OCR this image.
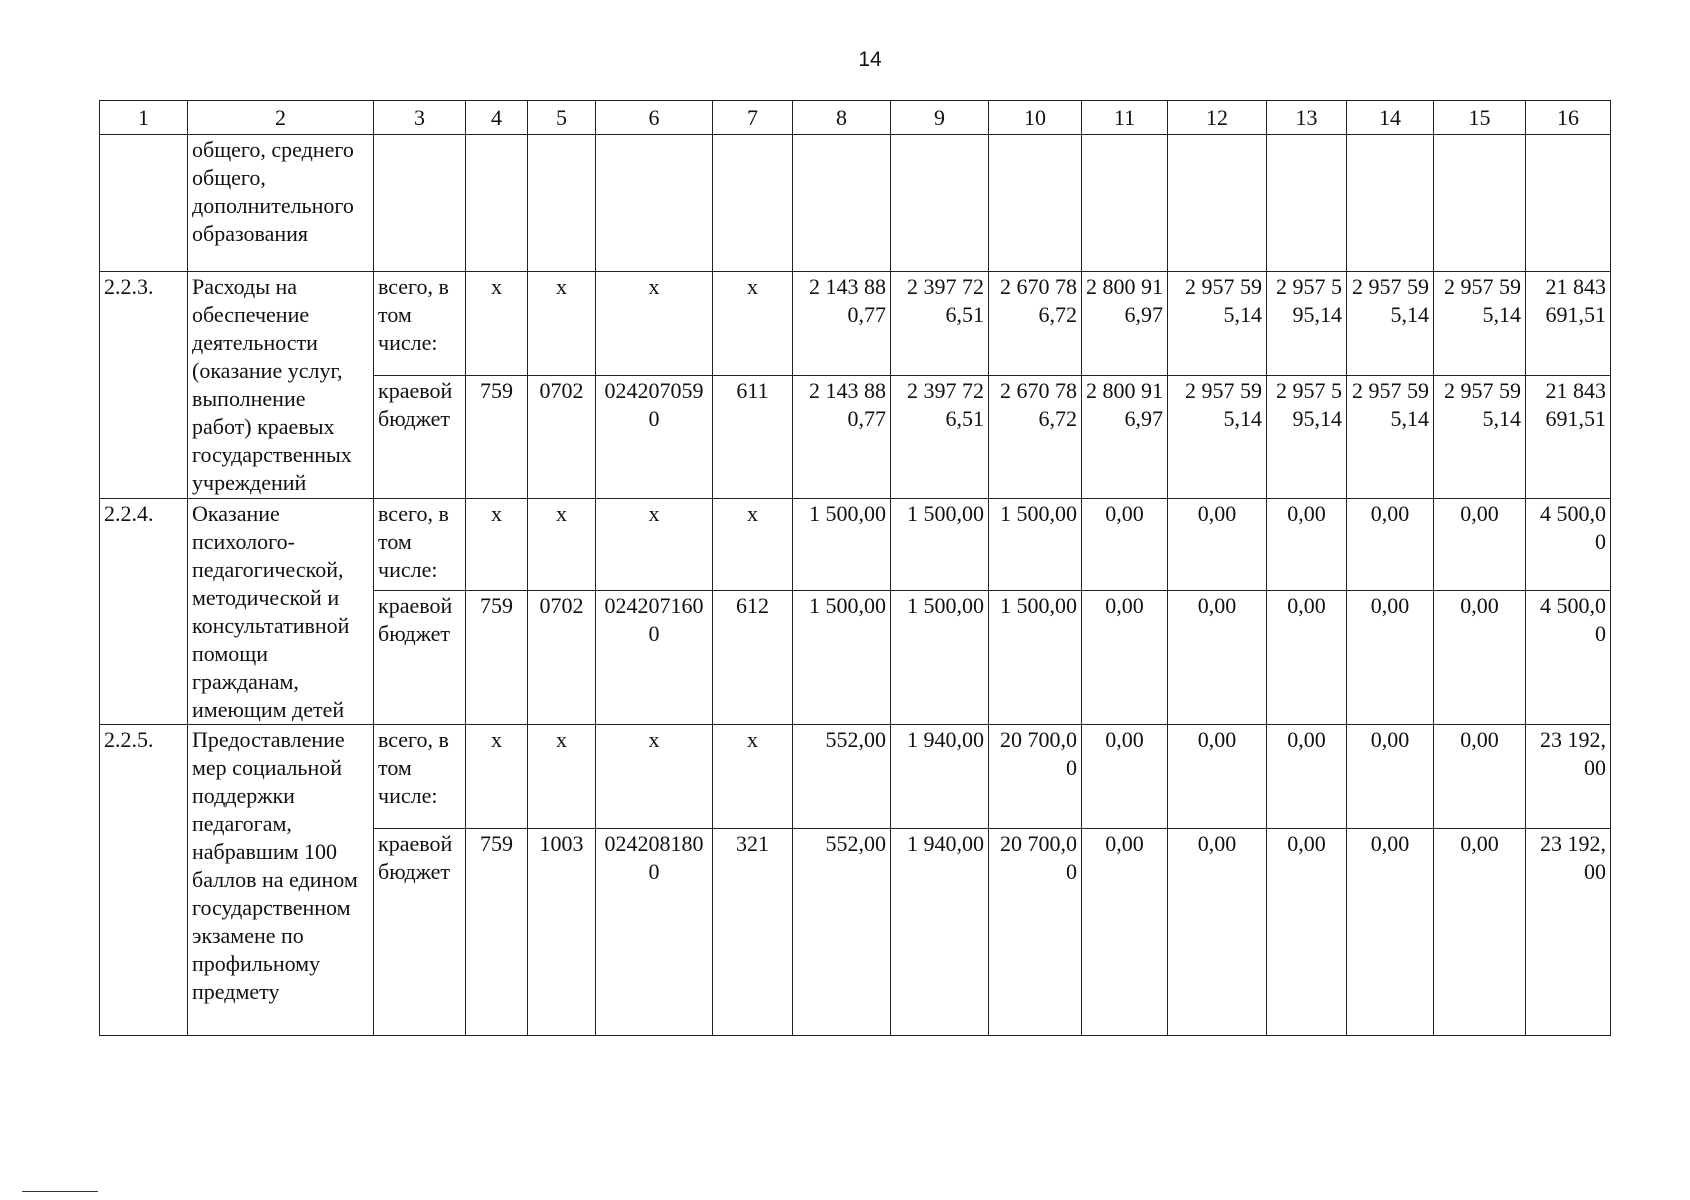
14
1	2	3	4	5	6	7	8	9	10	11	12	13	14	15	16
	общего, среднего общего, дополнительного образования														
2.2.3.	Расходы на обеспечение деятельности (оказание услуг, выполнение работ) краевых государственных учреждений	всего, в том числе:	х	х	х	х	2 143 880,77	2 397 726,51	2 670 786,72	2 800 916,97	2 957 595,14	2 957 595,14	2 957 595,14	2 957 595,14	21 843 691,51
		краевой бюджет	759	0702	0242070590	611	2 143 880,77	2 397 726,51	2 670 786,72	2 800 916,97	2 957 595,14	2 957 595,14	2 957 595,14	2 957 595,14	21 843 691,51
2.2.4.	Оказание психолого-педагогической, методической и консультативной помощи гражданам, имеющим детей	всего, в том числе:	х	х	х	х	1 500,00	1 500,00	1 500,00	0,00	0,00	0,00	0,00	0,00	4 500,00
		краевой бюджет	759	0702	0242071600	612	1 500,00	1 500,00	1 500,00	0,00	0,00	0,00	0,00	0,00	4 500,00
2.2.5.	Предоставление мер социальной поддержки педагогам, набравшим 100 баллов на едином государственном экзамене по профильному предмету	всего, в том числе:	х	х	х	х	552,00	1 940,00	20 700,00	0,00	0,00	0,00	0,00	0,00	23 192,00
		краевой бюджет	759	1003	0242081800	321	552,00	1 940,00	20 700,00	0,00	0,00	0,00	0,00	0,00	23 192,00
